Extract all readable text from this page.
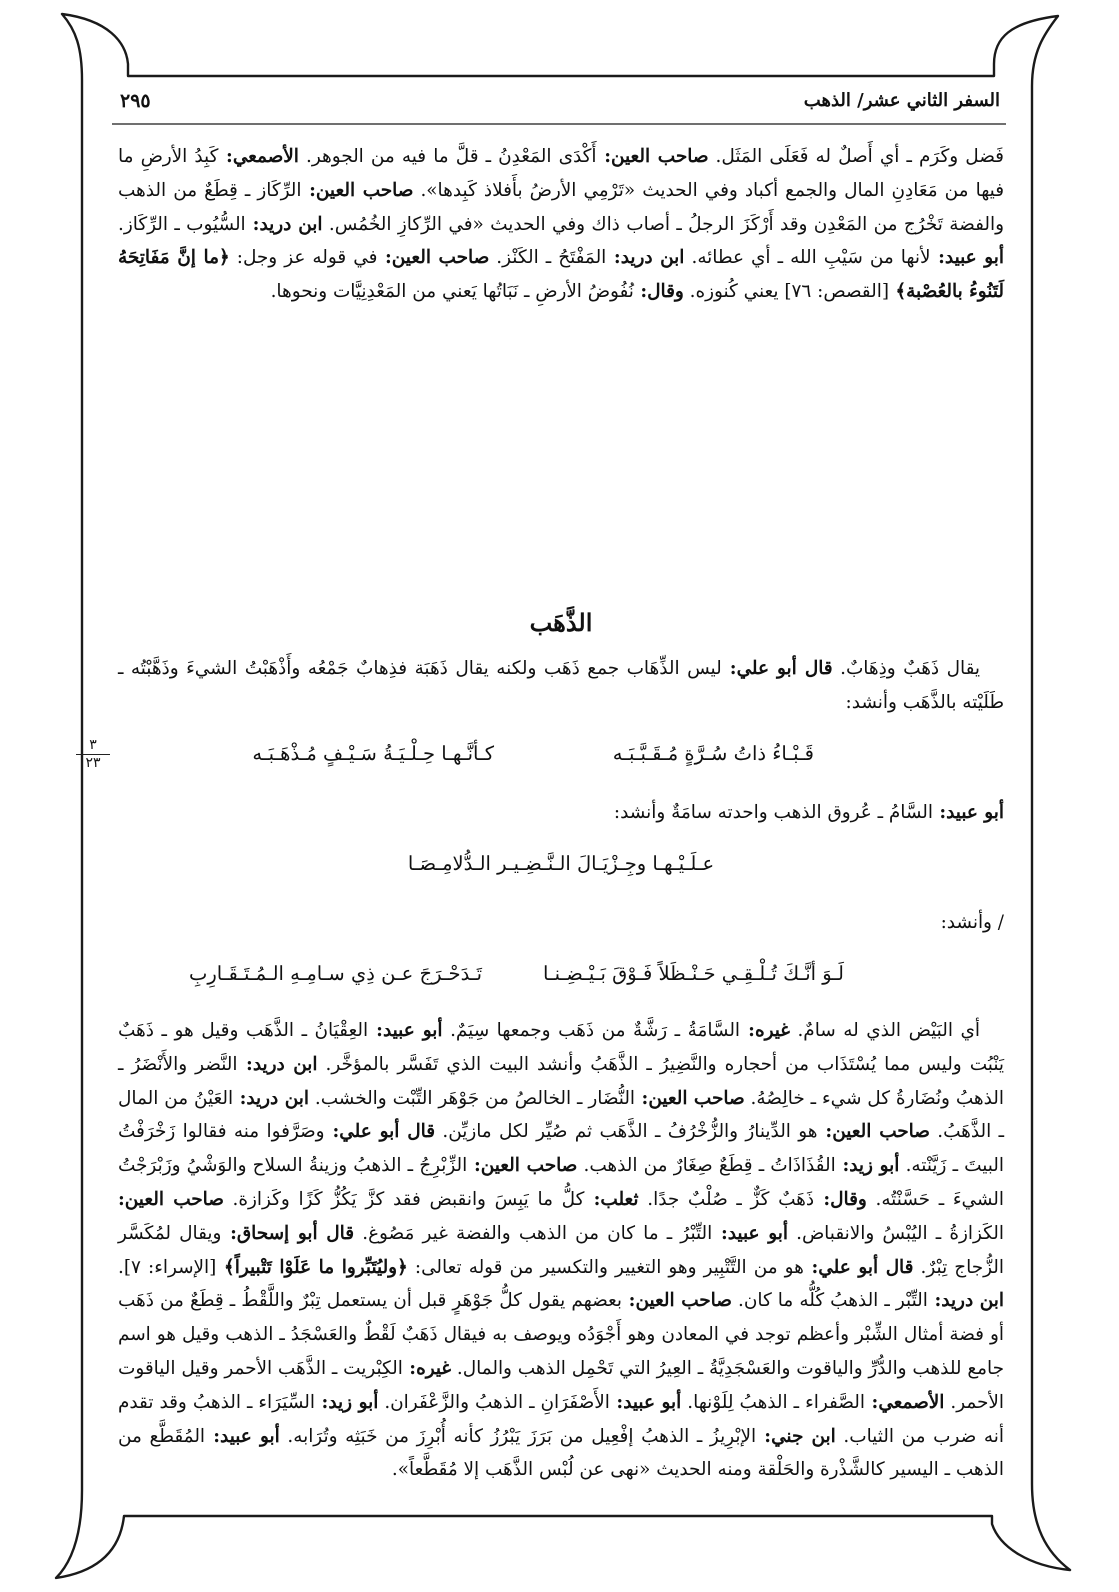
السفر الثاني عشر/ الذهب
٢٩٥
٣
٢٣

فَضل وكَرَم ـ أي أَصلٌ له فَعَلَى المَثَل. صاحب العين: أَكْدَى المَعْدِنُ ـ قلَّ ما فيه من الجوهر. الأصمعي: كَبِدُ الأرضِ ما فيها من مَعَادِنِ المال والجمع أكباد وفي الحديث «تَرْمِي الأرضُ بأَفلاذ كَبِدها». صاحب العين: الرِّكَاز ـ قِطَعٌ من الذهب والفضة تَخْرُج من المَعْدِن وقد أَرْكَزَ الرجلُ ـ أصاب ذاك وفي الحديث «في الرِّكازِ الخُمُس. ابن دريد: السُّيُوب ـ الرِّكَاز. أبو عبيد: لأنها من سَيْبِ الله ـ أي عطائه. ابن دريد: المَفْتَحُ ـ الكَنْز. صاحب العين: في قوله عز وجل: ﴿ما إنَّ مَفَاتِحَهُ لَتَنُوءُ بالعُصْبة﴾ [القصص: ٧٦] يعني كُنوزه. وقال: نُفُوضُ الأرضِ ـ نَبَاتُها يَعني من المَعْدِنِيَّات ونحوها.

الذَّهَب

يقال ذَهَبٌ وذِهَابٌ. قال أبو علي: ليس الذِّهَاب جمع ذَهَب ولكنه يقال ذَهَبَة فذِهابٌ جَمْعُه وأَذْهَبْتُ الشيءَ وذَهَّبْتُه ـ طَلَيْته بالذَّهَب وأنشد:

قَـبْـاءُ ذاتُ سُـرَّةٍ مُـقَـبَّـبَـه
كـأنَّـهـا حِـلْـيَـةُ سَـيْـفٍ مُـذْهَـبَـه

أبو عبيد: السَّامُ ـ عُروق الذهب واحدته سامَةٌ وأنشد:

عـلَـيْـهـا وجِـزْيَـالَ الـنَّـضِـيـر الـدُّلامِـصَـا

/ وأنشد:

لَـوَ أنَّـكَ تُـلْـقِـي حَـنْـظَلاً فَـوْقَ بَـيْـضِـنـا
تَـدَحْـرَجَ عـن ذِي سـامِـهِ الـمُـتَـقَـارِبِ

أي البَيْض الذي له سامٌ. غيره: السَّامَةُ ـ رَشَّةٌ من ذَهَب وجمعها سِيَمٌ. أبو عبيد: العِقْيَانُ ـ الذَّهَب وقيل هو ـ ذَهَبٌ يَنْبُت وليس مما يُسْتَذَاب من أحجاره والنَّضِيرُ ـ الذَّهَبُ وأنشد البيت الذي تَفَسَّر بالمؤخَّر. ابن دريد: النَّضر والأَنْضَرُ ـ الذهبُ ونُضَارةُ كل شيء ـ خالِصُهُ. صاحب العين: النُّضَار ـ الخالصُ من جَوْهَر التِّبْت والخشب. ابن دريد: العَيْنُ من المال ـ الذَّهَبُ. صاحب العين: هو الدِّينارُ والزُّخْرُفُ ـ الذَّهَب ثم صُيِّر لكل مازيِّن. قال أبو علي: وصَرَّفوا منه فقالوا زَخْرَفْتُ البيتَ ـ زَيَّنْته. أبو زيد: القُذَاذَاتُ ـ قِطَعٌ صِغَارٌ من الذهب. صاحب العين: الزِّبْرِجُ ـ الذهبُ وزينةُ السلاح والوَشْيُ وزَبْرَجْتُ الشيءَ ـ حَسَّنْتُه. وقال: ذَهَبٌ كَزٌّ ـ صُلْبٌ جدًا. ثعلب: كلُّ ما يَبِسَ وانقبض فقد كزَّ يَكُزُّ كَزًا وكَزازة. صاحب العين: الكَزازةُ ـ اليُبْسُ والانقباض. أبو عبيد: التِّبْرُ ـ ما كان من الذهب والفضة غير مَصُوغ. قال أبو إسحاق: ويقال لمُكَسَّر الزُّجاج تِبْرٌ. قال أبو علي: هو من التَّتْبِير وهو التغيير والتكسير من قوله تعالى: ﴿وليُتَبِّروا ما عَلَوْا تَتْبيراً﴾ [الإسراء: ٧]. ابن دريد: التِّبْر ـ الذهبُ كُلُّه ما كان. صاحب العين: بعضهم يقول كلُّ جَوْهَرٍ قبل أن يستعمل تِبْرٌ واللَّقْطُ ـ قِطَعٌ من ذَهَب أو فضة أمثال الشِّبْر وأعظم توجد في المعادن وهو أَجْوَدُه ويوصف به فيقال ذَهَبٌ لَقْطٌ والعَسْجَدُ ـ الذهب وقيل هو اسم جامع للذهب والدُّرِّ والياقوت والعَسْجَدِيَّةُ ـ العِيرُ التي تَحْمِل الذهب والمال. غيره: الكِبْريت ـ الذَّهَب الأحمر وقيل الياقوت الأحمر. الأصمعي: الصَّفراء ـ الذهبُ لِلَوْنها. أبو عبيد: الأَصْفَرَانِ ـ الذهبُ والزَّعْفَران. أبو زيد: السِّيَرَاء ـ الذهبُ وقد تقدم أنه ضرب من الثياب. ابن جني: الإبْرِيزُ ـ الذهبُ إفْعِيل من بَرَزَ يَبْرُزُ كأنه أُبْرِزَ من خَبَثِه وتُرَابه. أبو عبيد: المُقَطَّع من الذهب ـ اليسير كالشَّذْرة والحَلْقة ومنه الحديث «نهى عن لُبْس الذَّهَب إلا مُقَطَّعاً».
